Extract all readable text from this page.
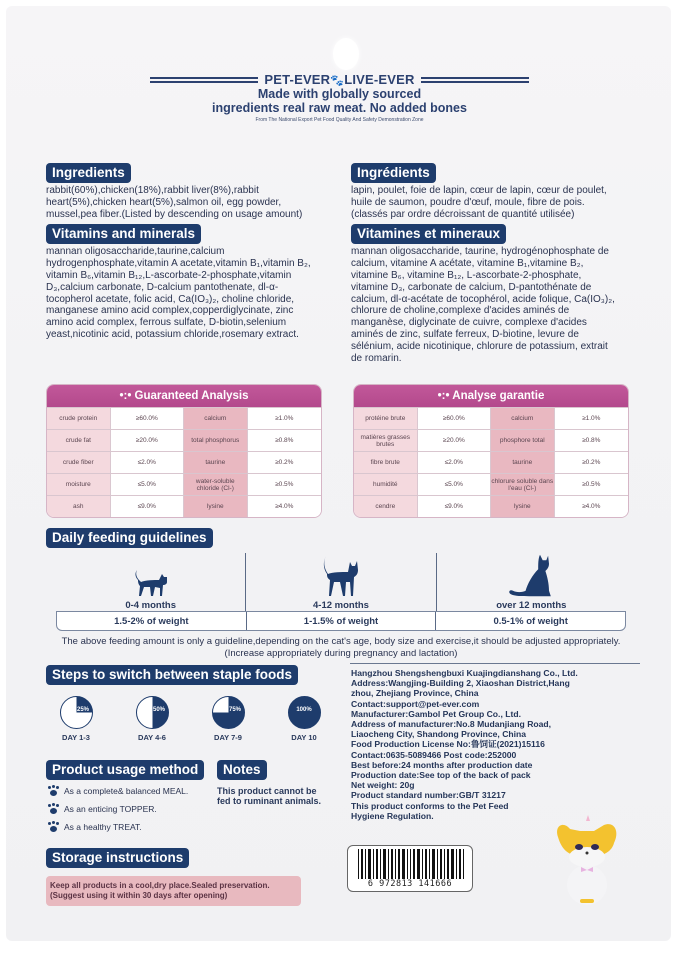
PET-EVER🐾LIVE-EVER
Made with globally sourced
ingredients real raw meat. No added bones
From The National Export Pet Food Quality And Safety Demonstration Zone
Ingredients
rabbit(60%),chicken(18%),rabbit liver(8%),rabbit heart(5%),chicken heart(5%),salmon oil, egg powder, mussel,pea fiber.(Listed by descending on usage amount)
Vitamins and minerals
mannan oligosaccharide,taurine,calcium hydrogenphosphate,vitamin A acetate,vitamin B₁,vitamin B₂, vitamin B₆,vitamin B₁₂,L-ascorbate-2-phosphate,vitamin D₃,calcium carbonate, D-calcium pantothenate, dl-α-tocopherol acetate, folic acid, Ca(IO₃)₂, choline chloride, manganese amino acid complex,copperdiglycinate, zinc amino acid complex, ferrous sulfate, D-biotin,selenium yeast,nicotinic acid, potassium chloride,rosemary extract.
Ingrédients
lapin, poulet, foie de lapin, cœur de lapin, cœur de poulet, huile de saumon, poudre d'œuf, moule, fibre de pois. (classés par ordre décroissant de quantité utilisée)
Vitamines et mineraux
mannan oligosaccharide, taurine, hydrogénophosphate de calcium, vitamine A acétate, vitamine B₁,vitamine B₂, vitamine B₆, vitamine B₁₂, L-ascorbate-2-phosphate, vitamine D₃, carbonate de calcium, D-pantothénate de calcium, dl-α-acétate de tocophérol, acide folique, Ca(IO₃)₂, chlorure de choline,complexe d'acides aminés de manganèse, diglycinate de cuivre, complexe d'acides aminés de zinc, sulfate ferreux, D-biotine, levure de sélénium, acide nicotinique, chlorure de potassium, extrait de romarin.
•:• Guaranteed Analysis
crude protein	≥60.0%	calcium	≥1.0%
crude fat	≥20.0%	total phosphorus	≥0.8%
crude fiber	≤2.0%	taurine	≥0.2%
moisture	≤5.0%	water-soluble chloride (Cl-)	≥0.5%
ash	≤9.0%	lysine	≥4.0%
•:• Analyse garantie
protéine brute	≥60.0%	calcium	≥1.0%
matières grasses brutes	≥20.0%	phosphore total	≥0.8%
fibre brute	≤2.0%	taurine	≥0.2%
humidité	≤5.0%	chlorure soluble dans l'eau (Cl-)	≥0.5%
cendre	≤9.0%	lysine	≥4.0%
Daily feeding guidelines
0-4 months	4-12 months	over 12 months
1.5-2% of weight	1-1.5% of weight	0.5-1% of weight
The above feeding amount is only a guideline,depending on the cat's age, body size and exercise,it should be adjusted appropriately. (Increase appropriately during pregnancy and lactation)
Steps to switch between staple foods
25%
DAY 1-3
50%
DAY 4-6
75%
DAY 7-9
100%
DAY 10
Product usage method
As a complete& balanced MEAL.
As an enticing TOPPER.
As a healthy TREAT.
Notes
This product cannot be fed to ruminant animals.
Storage instructions
Keep all products in a cool,dry place.Sealed preservation.
(Suggest using it within 30 days after opening)
Hangzhou Shengshengbuxi Kuajingdianshang Co., Ltd.
Address:Wangjing-Building 2, Xiaoshan District,Hang
zhou, Zhejiang Province, China
Contact:support@pet-ever.com
Manufacturer:Gambol Pet Group Co., Ltd.
Address of manufacturer:No.8 Mudanjiang Road,
Liaocheng City, Shandong Province, China
Food Production License No:鲁饲证(2021)15116
Contact:0635-5089466 Post code:252000
Best before:24 months after production date
Production date:See top of the back of pack
Net weight: 20g
Product standard number:GB/T 31217
This product conforms to the Pet Feed
Hygiene Regulation.
6 972813 141666
